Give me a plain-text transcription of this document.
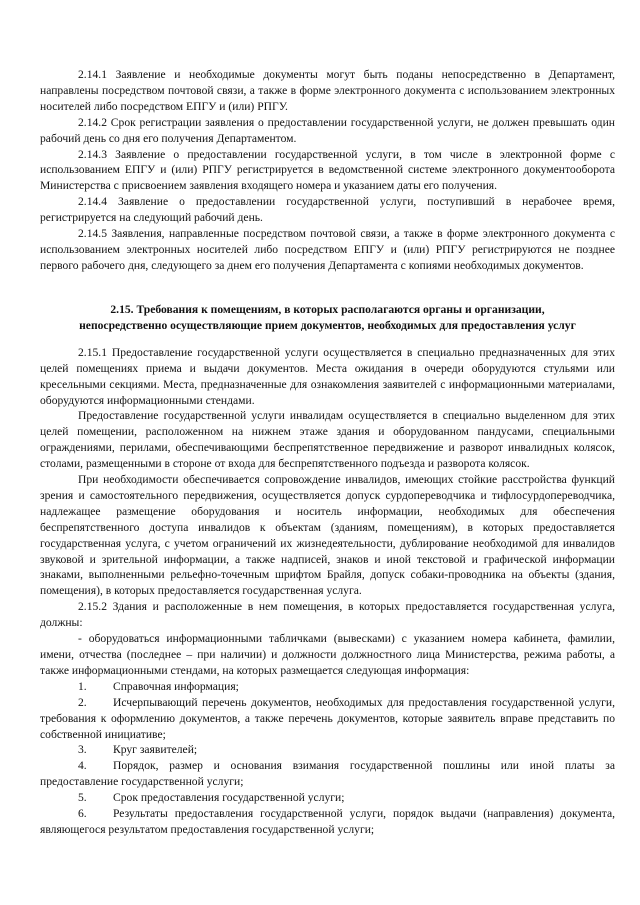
2.14.1 Заявление и необходимые документы могут быть поданы непосредственно в Департамент, направлены посредством почтовой связи, а также в форме электронного документа с использованием электронных носителей либо посредством ЕПГУ и (или) РПГУ.

2.14.2 Срок регистрации заявления о предоставлении государственной услуги, не должен превышать один рабочий день со дня его получения Департаментом.

2.14.3 Заявление о предоставлении государственной услуги, в том числе в электронной форме с использованием ЕПГУ и (или) РПГУ регистрируется в ведомственной системе электронного документооборота Министерства с присвоением заявления входящего номера и указанием даты его получения.

2.14.4 Заявление о предоставлении государственной услуги, поступивший в нерабочее время, регистрируется на следующий рабочий день.

2.14.5 Заявления, направленные посредством почтовой связи, а также в форме электронного документа с использованием электронных носителей либо посредством ЕПГУ и (или) РПГУ регистрируются не позднее первого рабочего дня, следующего за днем его получения Департамента с копиями необходимых документов.

2.15. Требования к помещениям, в которых располагаются органы и организации,
непосредственно осуществляющие прием документов, необходимых для предоставления услуг

2.15.1 Предоставление государственной услуги осуществляется в специально предназначенных для этих целей помещениях приема и выдачи документов. Места ожидания в очереди оборудуются стульями или кресельными секциями. Места, предназначенные для ознакомления заявителей с информационными материалами, оборудуются информационными стендами.

Предоставление государственной услуги инвалидам осуществляется в специально выделенном для этих целей помещении, расположенном на нижнем этаже здания и оборудованном пандусами, специальными ограждениями, перилами, обеспечивающими беспрепятственное передвижение и разворот инвалидных колясок, столами, размещенными в стороне от входа для беспрепятственного подъезда и разворота колясок.

При необходимости обеспечивается сопровождение инвалидов, имеющих стойкие расстройства функций зрения и самостоятельного передвижения, осуществляется допуск сурдопереводчика и тифлосурдопереводчика, надлежащее размещение оборудования и носитель информации, необходимых для обеспечения беспрепятственного доступа инвалидов к объектам (зданиям, помещениям), в которых предоставляется государственная услуга, с учетом ограничений их жизнедеятельности, дублирование необходимой для инвалидов звуковой и зрительной информации, а также надписей, знаков и иной текстовой и графической информации знаками, выполненными рельефно-точечным шрифтом Брайля, допуск собаки-проводника на объекты (здания, помещения), в которых предоставляется государственная услуга.

2.15.2 Здания и расположенные в нем помещения, в которых предоставляется государственная услуга, должны:

- оборудоваться информационными табличками (вывесками) с указанием номера кабинета, фамилии, имени, отчества (последнее – при наличии) и должности должностного лица Министерства, режима работы, а также информационными стендами, на которых размещается следующая информация:

1. Справочная информация;

2. Исчерпывающий перечень документов, необходимых для предоставления государственной услуги, требования к оформлению документов, а также перечень документов, которые заявитель вправе представить по собственной инициативе;

3. Круг заявителей;

4. Порядок, размер и основания взимания государственной пошлины или иной платы за предоставление государственной услуги;

5. Срок предоставления государственной услуги;

6. Результаты предоставления государственной услуги, порядок выдачи (направления) документа, являющегося результатом предоставления государственной услуги;
